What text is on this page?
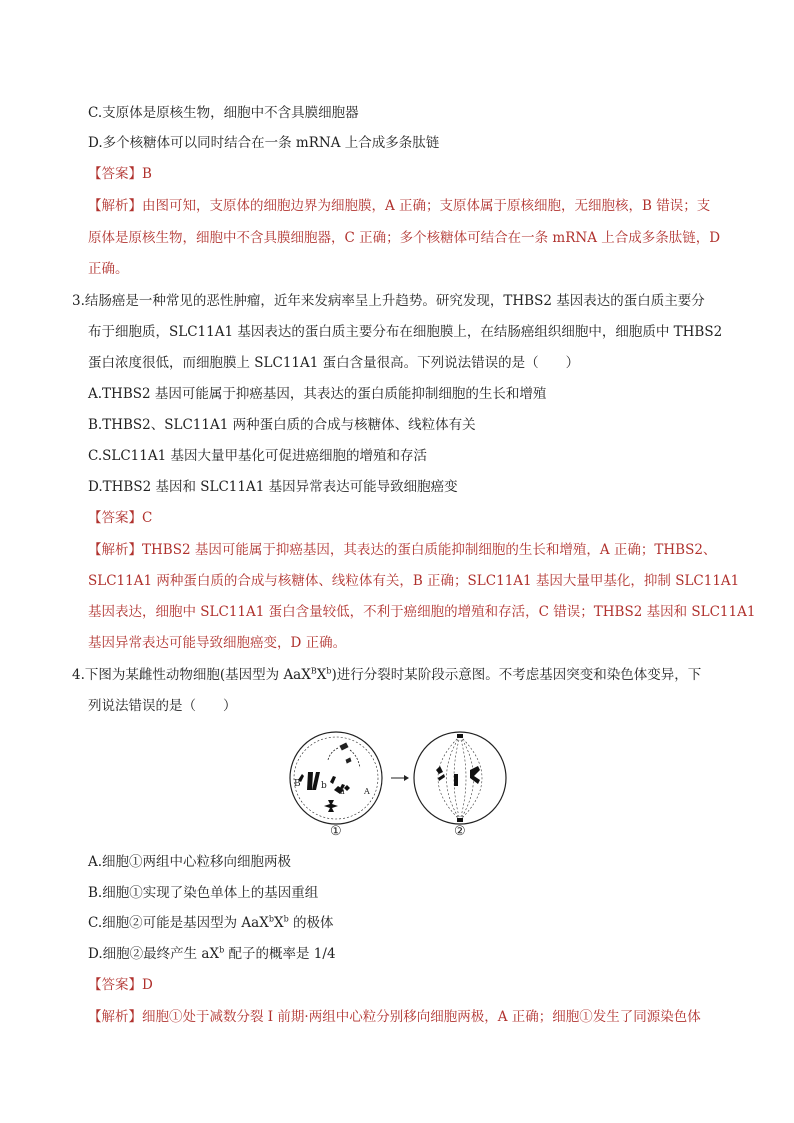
C.支原体是原核生物，细胞中不含具膜细胞器
D.多个核糖体可以同时结合在一条 mRNA 上合成多条肽链
【答案】B
【解析】由图可知，支原体的细胞边界为细胞膜，A 正确；支原体属于原核细胞，无细胞核，B 错误；支
原体是原核生物，细胞中不含具膜细胞器，C 正确；多个核糖体可结合在一条 mRNA 上合成多条肽链，D
正确。
3.结肠癌是一种常见的恶性肿瘤，近年来发病率呈上升趋势。研究发现，THBS2 基因表达的蛋白质主要分
布于细胞质，SLC11A1 基因表达的蛋白质主要分布在细胞膜上，在结肠癌组织细胞中，细胞质中 THBS2
蛋白浓度很低，而细胞膜上 SLC11A1 蛋白含量很高。下列说法错误的是（　　）
A.THBS2 基因可能属于抑癌基因，其表达的蛋白质能抑制细胞的生长和增殖
B.THBS2、SLC11A1 两种蛋白质的合成与核糖体、线粒体有关
C.SLC11A1 基因大量甲基化可促进癌细胞的增殖和存活
D.THBS2 基因和 SLC11A1 基因异常表达可能导致细胞癌变
【答案】C
【解析】THBS2 基因可能属于抑癌基因，其表达的蛋白质能抑制细胞的生长和增殖，A 正确；THBS2、
SLC11A1 两种蛋白质的合成与核糖体、线粒体有关，B 正确；SLC11A1 基因大量甲基化，抑制 SLC11A1
基因表达，细胞中 SLC11A1 蛋白含量较低，不利于癌细胞的增殖和存活，C 错误；THBS2 基因和 SLC11A1
基因异常表达可能导致细胞癌变，D 正确。
4.下图为某雌性动物细胞(基因型为 $AaX^BX^b$)进行分裂时某阶段示意图。不考虑基因突变和染色体变异，下
列说法错误的是（　　）
B b
a A
①	②
A.细胞①两组中心粒移向细胞两极
B.细胞①实现了染色单体上的基因重组
C.细胞②可能是基因型为 $AaX^bX^b$ 的极体
D.细胞②最终产生 $aX^b$ 配子的概率是 1/4
【答案】D
【解析】细胞①处于减数分裂 I 前期·两组中心粒分别移向细胞两极，A 正确；细胞①发生了同源染色体
